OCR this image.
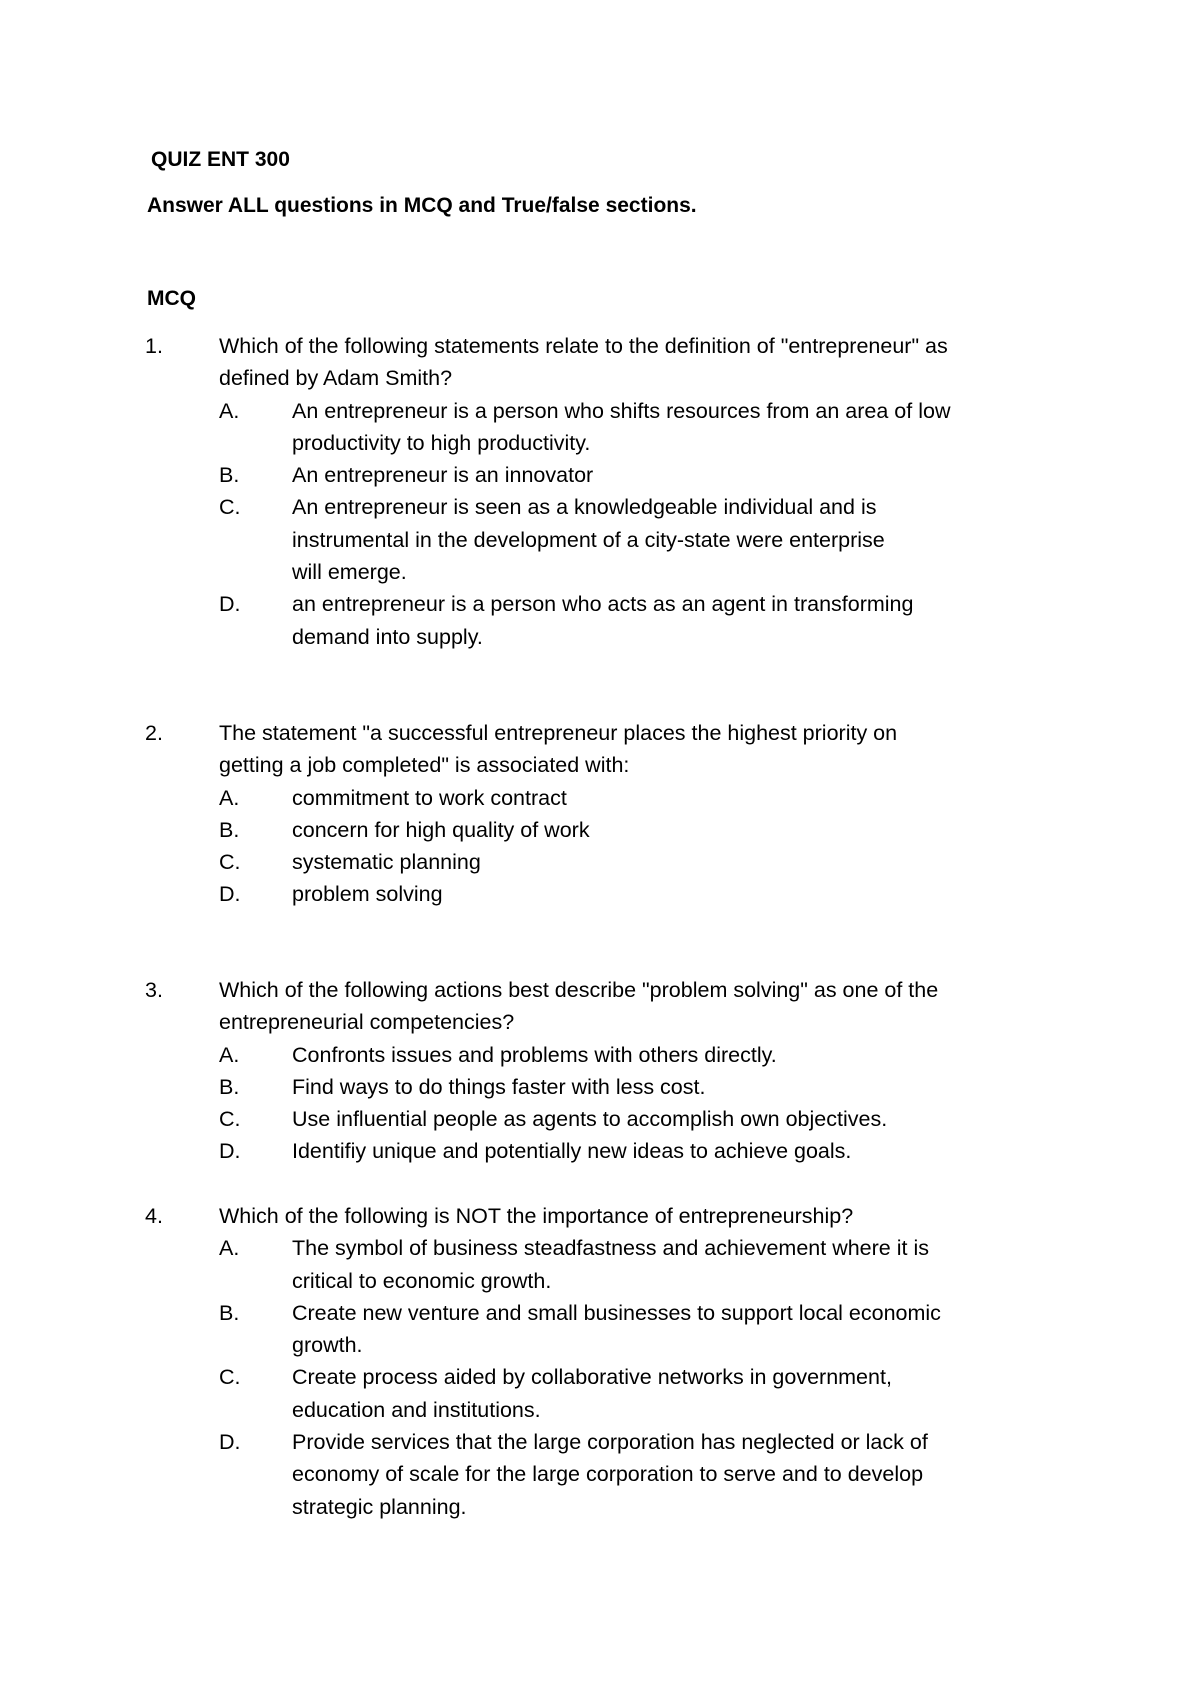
QUIZ ENT 300
Answer ALL questions in MCQ and True/false sections.
MCQ
1.	Which of the following statements relate to the definition of "entrepreneur" as
defined by Adam Smith?
A. An entrepreneur is a person who shifts resources from an area of low
productivity to high productivity.
B. An entrepreneur is an innovator
C. An entrepreneur is seen as a knowledgeable individual and is
instrumental in the development of a city-state were enterprise
will emerge.
D. an entrepreneur is a person who acts as an agent in transforming
demand into supply.
2.	The statement "a successful entrepreneur places the highest priority on
getting a job completed" is associated with:
A. commitment to work contract
B. concern for high quality of work
C. systematic planning
D. problem solving
3.	Which of the following actions best describe "problem solving" as one of the
entrepreneurial competencies?
A. Confronts issues and problems with others directly.
B. Find ways to do things faster with less cost.
C. Use influential people as agents to accomplish own objectives.
D. Identifiy unique and potentially new ideas to achieve goals.
4.	Which of the following is NOT the importance of entrepreneurship?
A. The symbol of business steadfastness and achievement where it is
critical to economic growth.
B. Create new venture and small businesses to support local economic
growth.
C. Create process aided by collaborative networks in government,
education and institutions.
D. Provide services that the large corporation has neglected or lack of
economy of scale for the large corporation to serve and to develop
strategic planning.
